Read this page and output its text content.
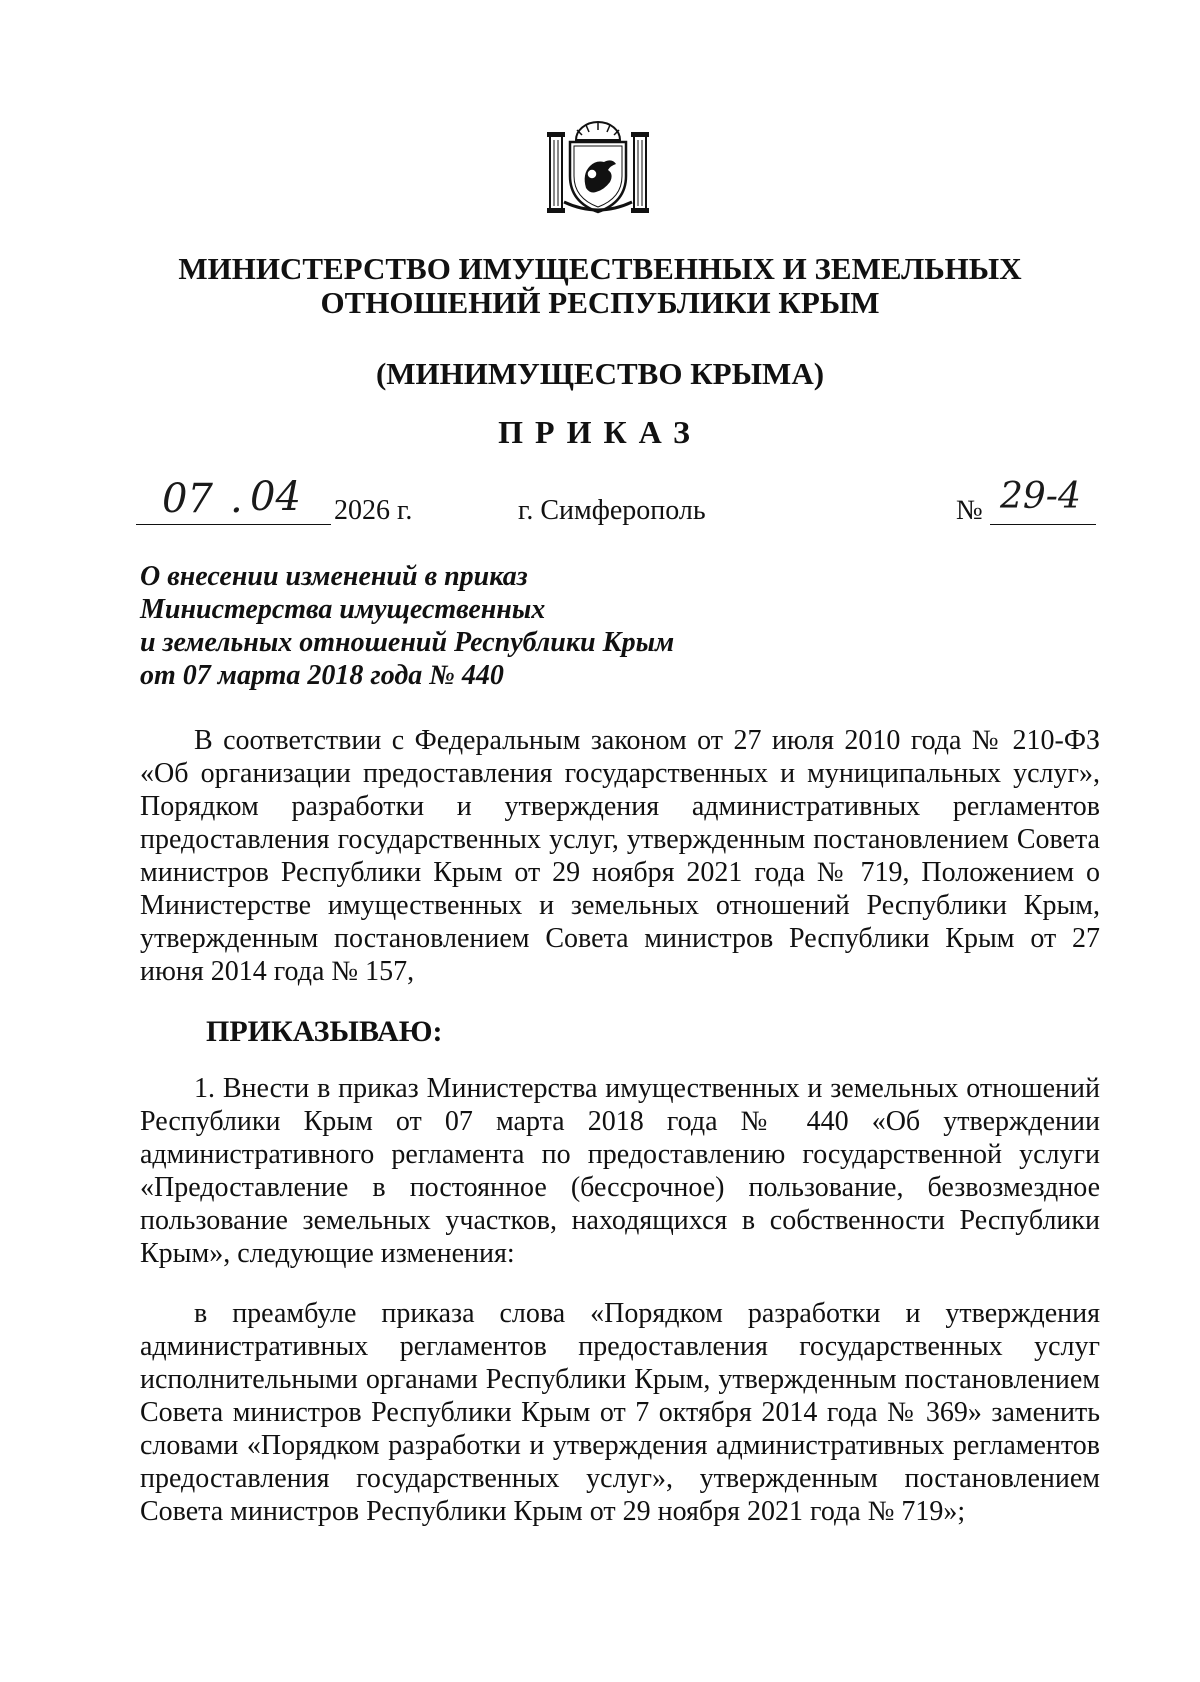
МИНИСТЕРСТВО ИМУЩЕСТВЕННЫХ И ЗЕМЕЛЬНЫХ
ОТНОШЕНИЙ РЕСПУБЛИКИ КРЫМ
(МИНИМУЩЕСТВО КРЫМА)
ПРИКАЗ
07 . 04 2026 г.	г. Симферополь	№ 29-4
О внесении изменений в приказ
Министерства имущественных
и земельных отношений Республики Крым
от 07 марта 2018 года № 440

В соответствии с Федеральным законом от 27 июля 2010 года № 210-ФЗ «Об организации предоставления государственных и муниципальных услуг», Порядком разработки и утверждения административных регламентов предоставления государственных услуг, утвержденным постановлением Совета министров Республики Крым от 29 ноября 2021 года № 719, Положением о Министерстве имущественных и земельных отношений Республики Крым, утвержденным постановлением Совета министров Республики Крым от 27 июня 2014 года № 157,

ПРИКАЗЫВАЮ:

1. Внести в приказ Министерства имущественных и земельных отношений Республики Крым от 07 марта 2018 года № 440 «Об утверждении административного регламента по предоставлению государственной услуги «Предоставление в постоянное (бессрочное) пользование, безвозмездное пользование земельных участков, находящихся в собственности Республики Крым», следующие изменения:

в преамбуле приказа слова «Порядком разработки и утверждения административных регламентов предоставления государственных услуг исполнительными органами Республики Крым, утвержденным постановлением Совета министров Республики Крым от 7 октября 2014 года № 369» заменить словами «Порядком разработки и утверждения административных регламентов предоставления государственных услуг», утвержденным постановлением Совета министров Республики Крым от 29 ноября 2021 года № 719»;
